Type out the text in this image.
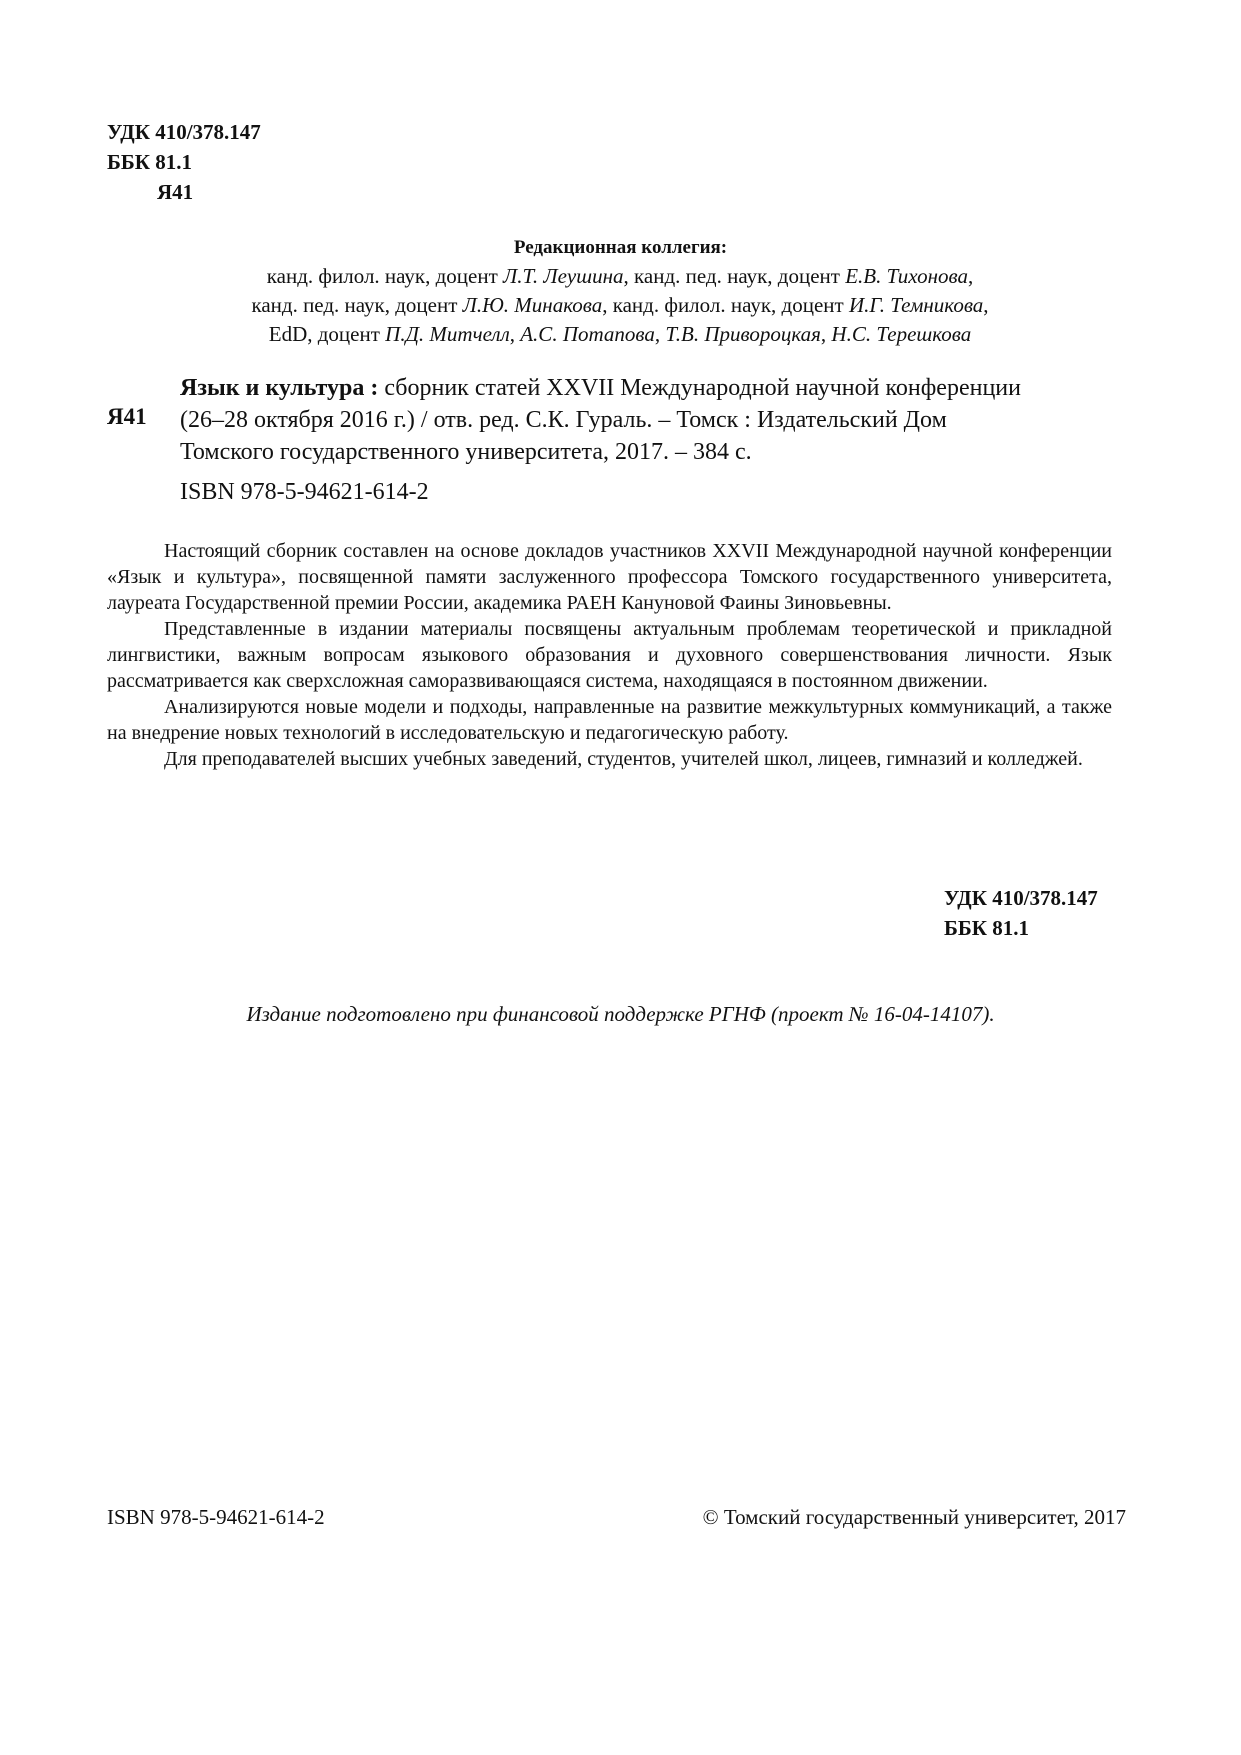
УДК 410/378.147
ББК 81.1
Я41
Редакционная коллегия:

канд. филол. наук, доцент Л.Т. Леушина, канд. пед. наук, доцент Е.В. Тихонова,

канд. пед. наук, доцент Л.Ю. Минакова, канд. филол. наук, доцент И.Г. Темникова,

EdD, доцент П.Д. Митчелл, А.С. Потапова, Т.В. Привороцкая, Н.С. Терешкова

Я41

Язык и культура : сборник статей XXVII Международной научной конференции

(26–28 октября 2016 г.) / отв. ред. С.К. Гураль. – Томск : Издательский Дом

Томского государственного университета, 2017. – 384 с.

ISBN 978-5-94621-614-2

Настоящий сборник составлен на основе докладов участников XXVII Международной научной конференции «Язык и культура», посвященной памяти заслуженного профессора Томского государственного университета, лауреата Государственной премии России, академика РАЕН Кануновой Фаины Зиновьевны.

Представленные в издании материалы посвящены актуальным проблемам теоретической и прикладной лингвистики, важным вопросам языкового образования и духовного совершенствования личности. Язык рассматривается как сверхсложная саморазвивающаяся система, находящаяся в постоянном движении.

Анализируются новые модели и подходы, направленные на развитие межкультурных коммуникаций, а также на внедрение новых технологий в исследовательскую и педагогическую работу.

Для преподавателей высших учебных заведений, студентов, учителей школ, лицеев, гимназий и колледжей.

УДК 410/378.147
ББК 81.1
Издание подготовлено при финансовой поддержке РГНФ (проект № 16-04-14107).
ISBN 978-5-94621-614-2	© Томский государственный университет, 2017
